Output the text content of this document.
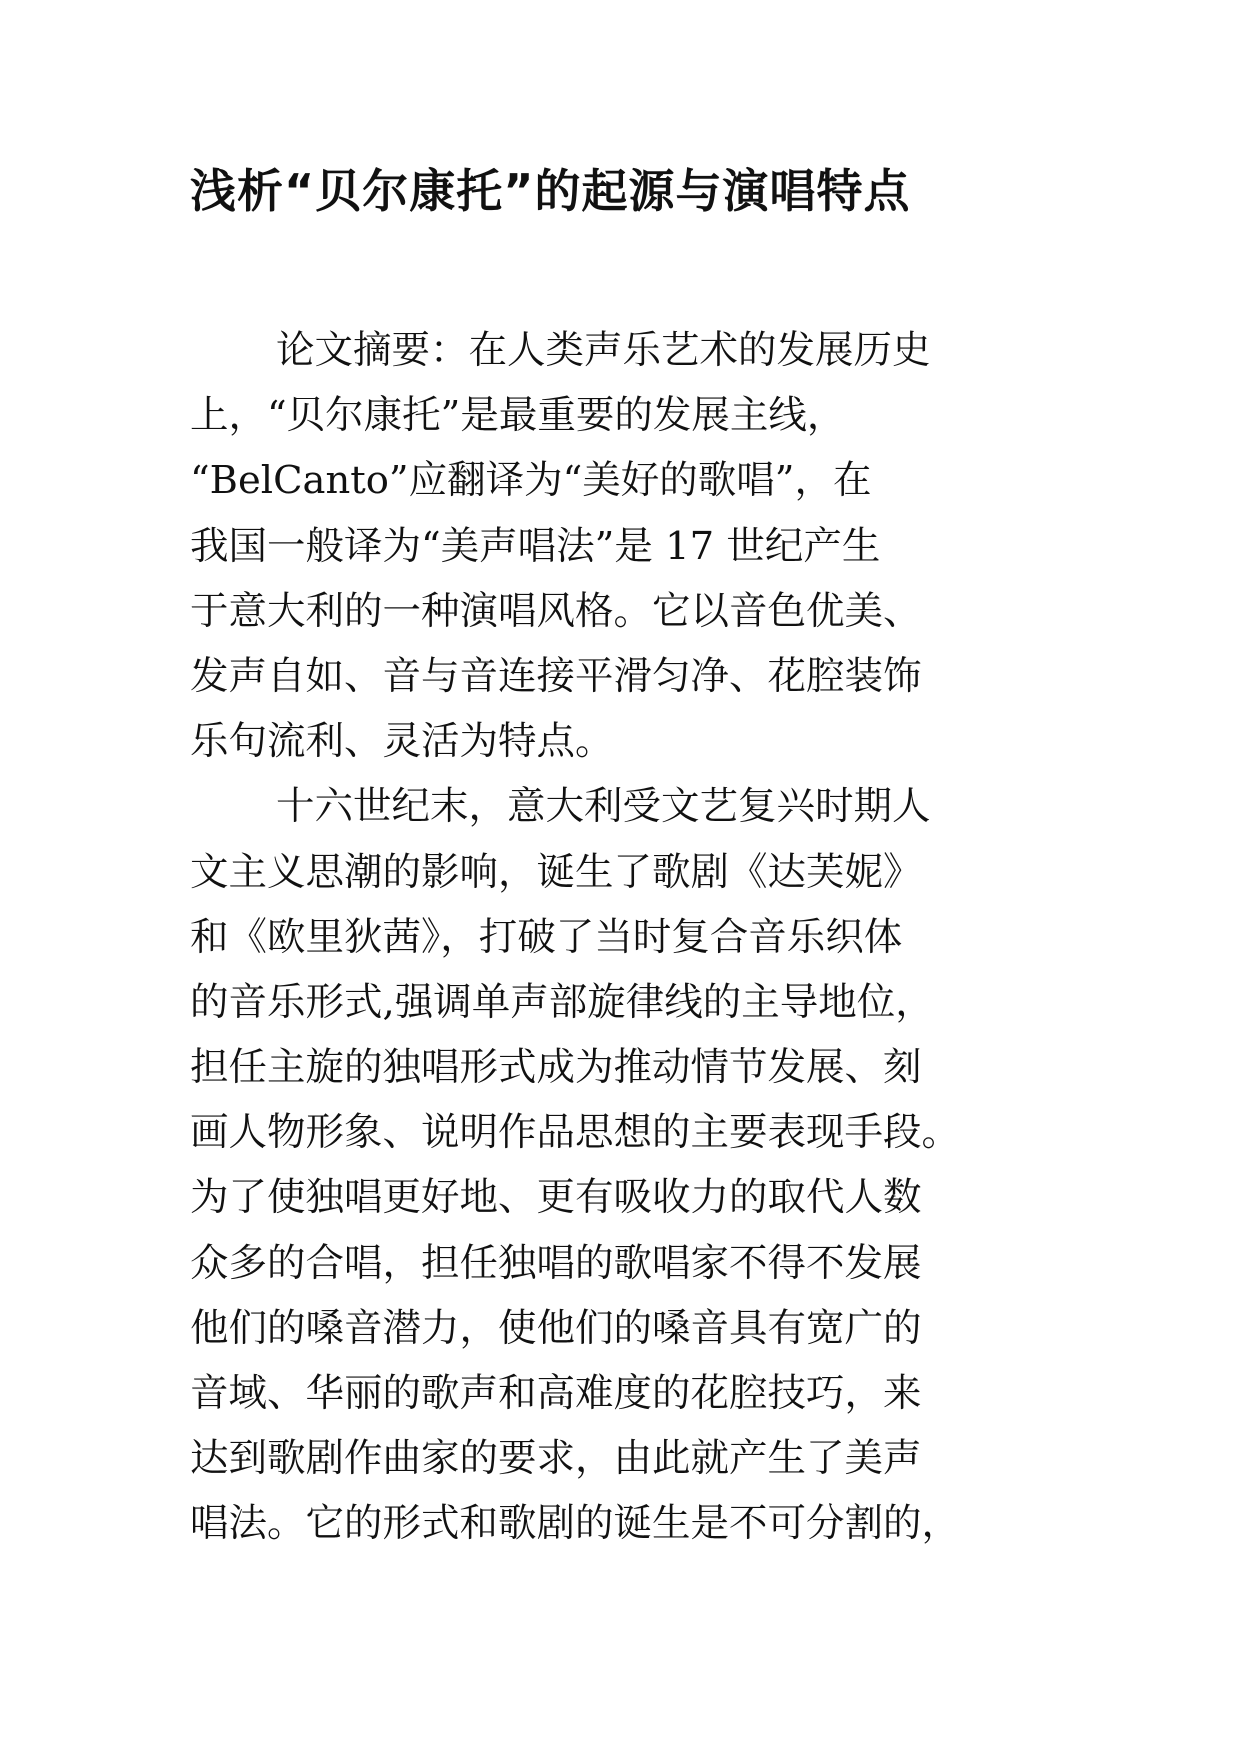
浅析“贝尔康托”的起源与演唱特点
论文摘要：在人类声乐艺术的发展历史
上，“贝尔康托”是最重要的发展主线，
“BelCanto”应翻译为“美好的歌唱”，在
我国一般译为“美声唱法”是 17 世纪产生
于意大利的一种演唱风格。它以音色优美、
发声自如、音与音连接平滑匀净、花腔装饰
乐句流利、灵活为特点。
十六世纪末，意大利受文艺复兴时期人
文主义思潮的影响，诞生了歌剧《达芙妮》
和《欧里狄茜》，打破了当时复合音乐织体
的音乐形式,强调单声部旋律线的主导地位，
担任主旋的独唱形式成为推动情节发展、刻
画人物形象、说明作品思想的主要表现手段。
为了使独唱更好地、更有吸收力的取代人数
众多的合唱，担任独唱的歌唱家不得不发展
他们的嗓音潜力，使他们的嗓音具有宽广的
音域、华丽的歌声和高难度的花腔技巧，来
达到歌剧作曲家的要求，由此就产生了美声
唱法。它的形式和歌剧的诞生是不可分割的，
